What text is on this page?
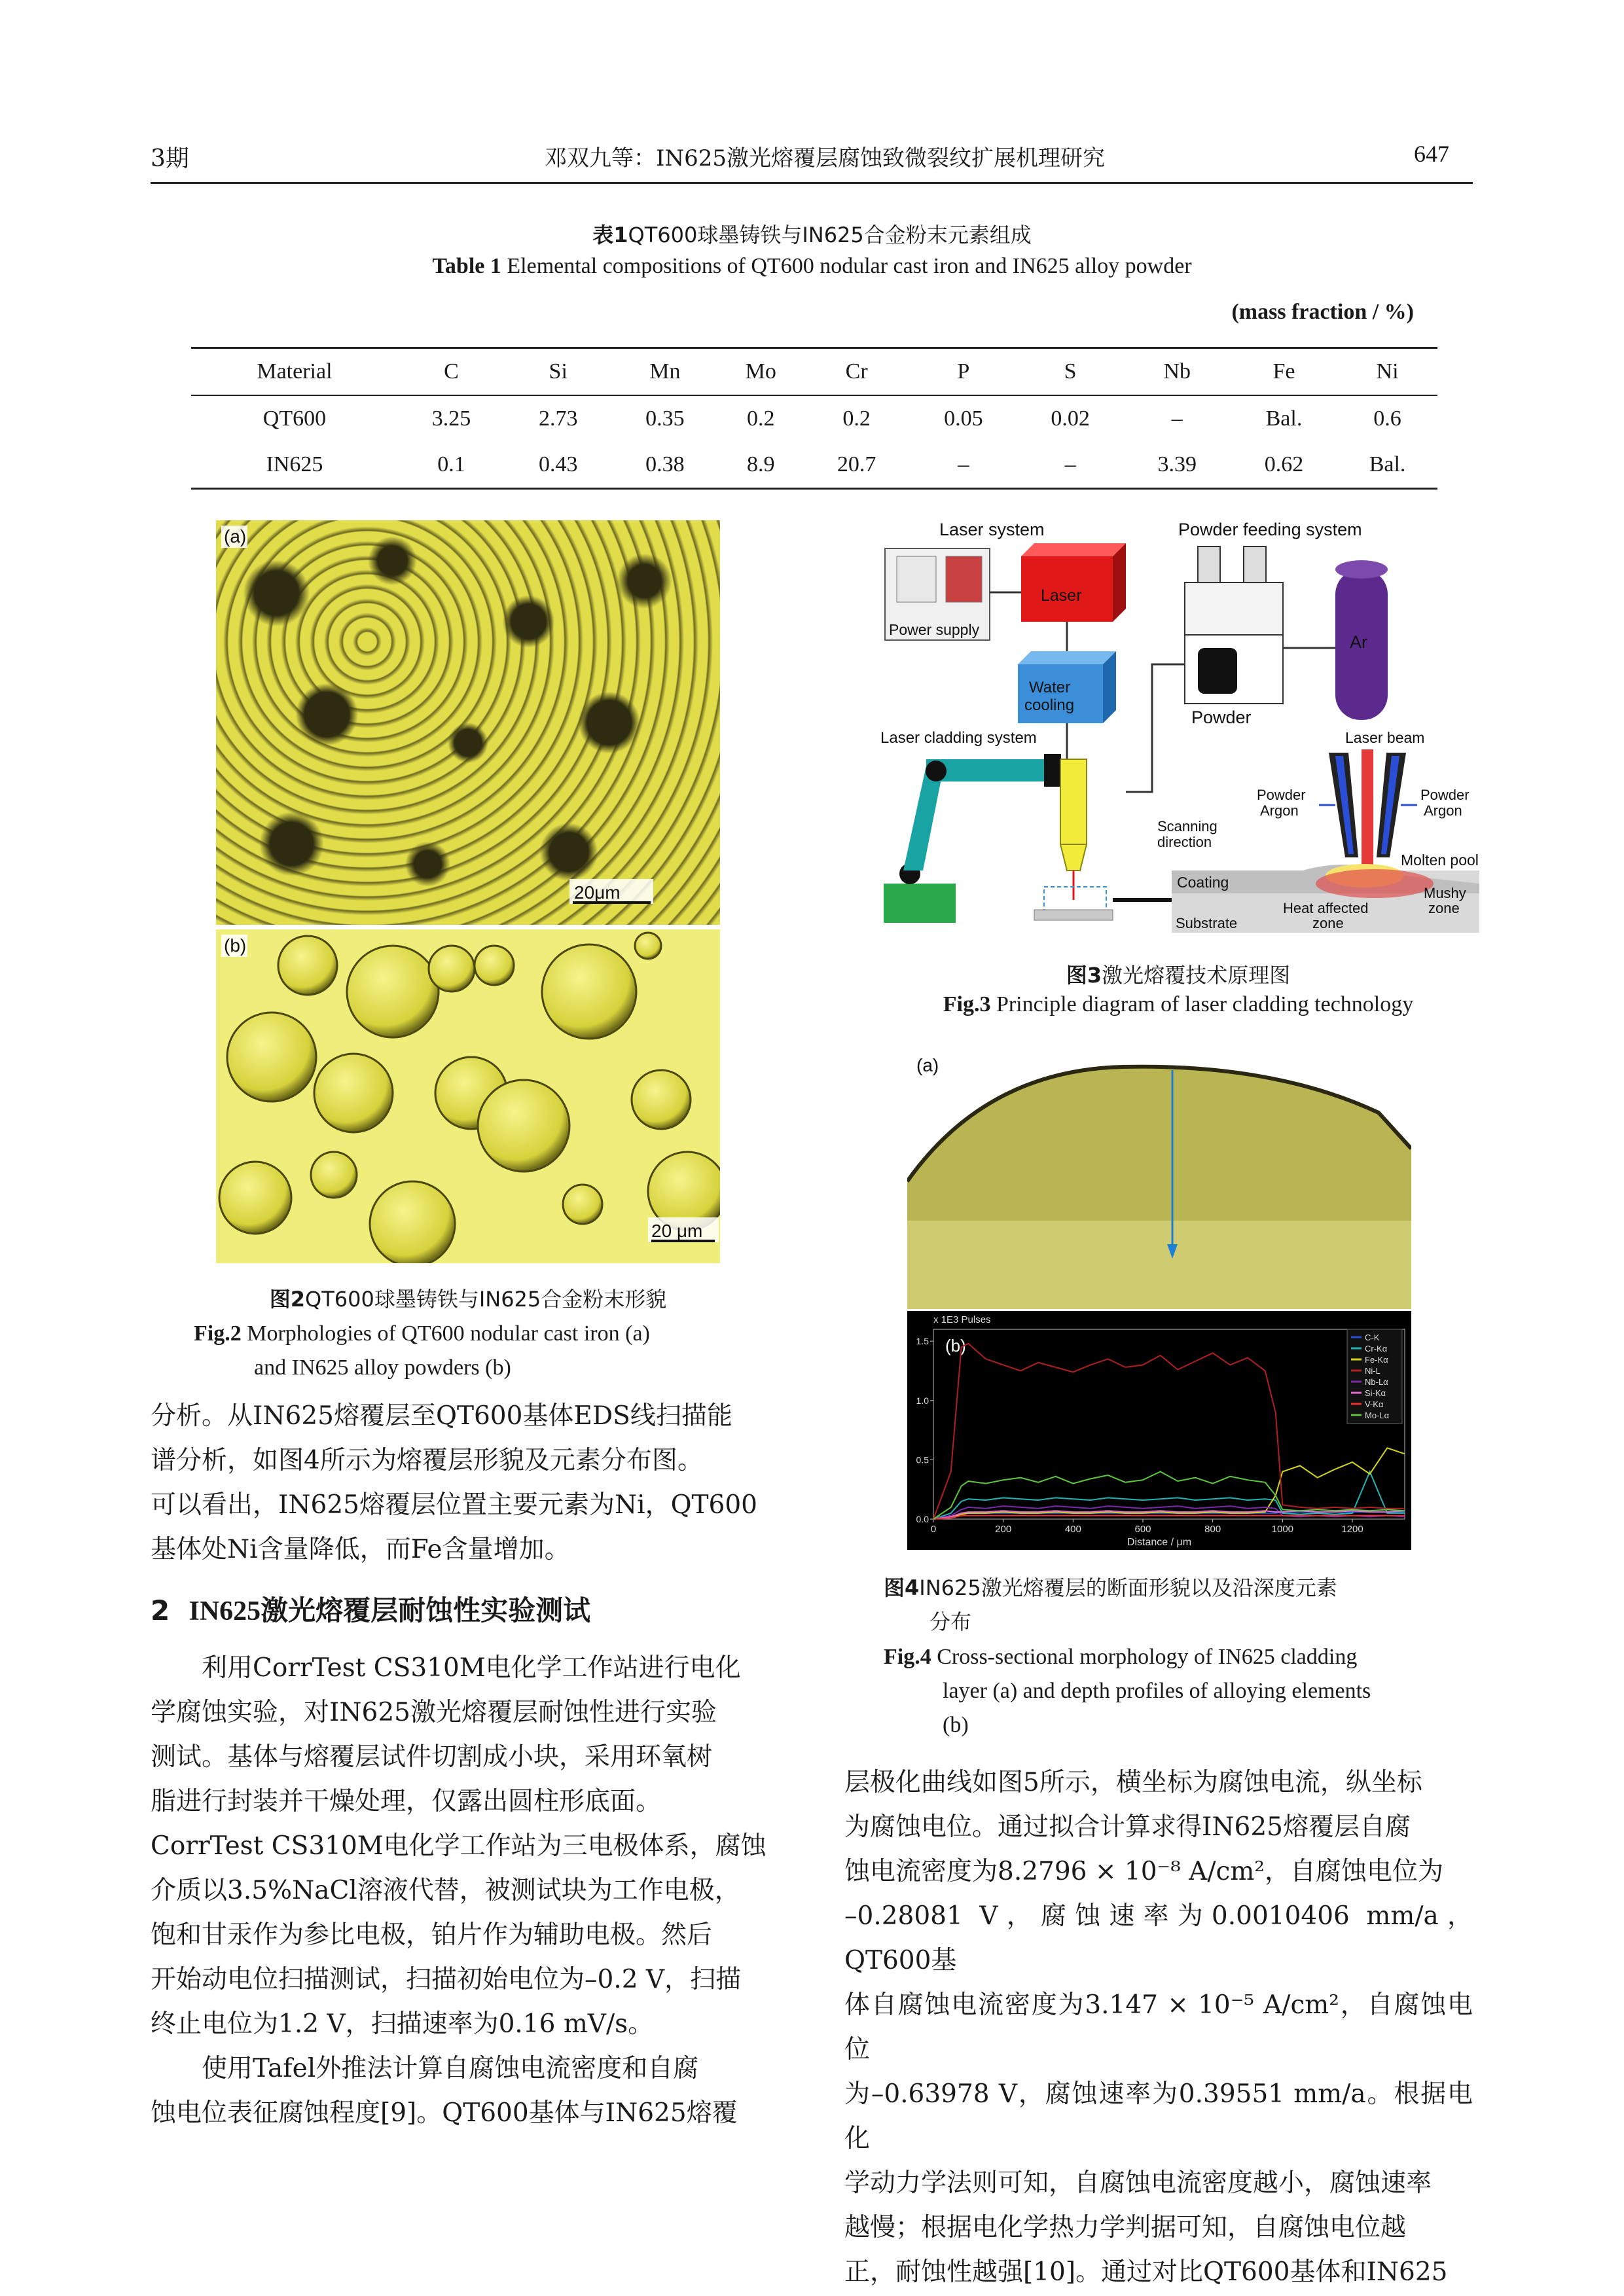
3期	邓双九等：IN625激光熔覆层腐蚀致微裂纹扩展机理研究	647
表1QT600球墨铸铁与IN625合金粉末元素组成
Table 1 Elemental compositions of QT600 nodular cast iron and IN625 alloy powder
(mass fraction / %)
Material	C	Si	Mn	Mo	Cr	P	S	Nb	Fe	Ni
QT600	3.25	2.73	0.35	0.2	0.2	0.05	0.02	–	Bal.	0.6
IN625	0.1	0.43	0.38	8.9	20.7	–	–	3.39	0.62	Bal.
(a)
20μm
(b)
20 μm
图2QT600球墨铸铁与IN625合金粉末形貌
Fig.2 Morphologies of QT600 nodular cast iron (a)
and IN625 alloy powders (b)
Laser system	Powder feeding system
Power supply
Laser
Water
cooling
Powder
Ar
Laser cladding system	Laser beam
Powder
Argon
Powder
Argon
Scanning
direction
Molten pool
Coating
Mushy
zone
Heat affected
zone
Substrate
图3激光熔覆技术原理图
Fig.3 Principle diagram of laser cladding technology
(a)
x 1E3 Pulses
Distance / μm
(b)
0	200	400	600	800	1000	1200
0.0
0.5
1.0
1.5	C-K
Cr-Kα
Fe-Kα
Ni-L
Nb-Lα
Si-Kα
V-Kα
Mo-Lα
图4IN625激光熔覆层的断面形貌以及沿深度元素
分布
Fig.4 Cross-sectional morphology of IN625 cladding
layer (a) and depth profiles of alloying elements
(b)

分析。从IN625熔覆层至QT600基体EDS线扫描能

谱分析，如图4所示为熔覆层形貌及元素分布图。

可以看出，IN625熔覆层位置主要元素为Ni，QT600

基体处Ni含量降低，而Fe含量增加。

2 IN625激光熔覆层耐蚀性实验测试

　　利用CorrTest CS310M电化学工作站进行电化

学腐蚀实验，对IN625激光熔覆层耐蚀性进行实验

测试。基体与熔覆层试件切割成小块，采用环氧树

脂进行封装并干燥处理，仅露出圆柱形底面。

CorrTest CS310M电化学工作站为三电极体系，腐蚀

介质以3.5%NaCl溶液代替，被测试块为工作电极，

饱和甘汞作为参比电极，铂片作为辅助电极。然后

开始动电位扫描测试，扫描初始电位为–0.2 V，扫描

终止电位为1.2 V，扫描速率为0.16 mV/s。

　　使用Tafel外推法计算自腐蚀电流密度和自腐

蚀电位表征腐蚀程度[9]。QT600基体与IN625熔覆

层极化曲线如图5所示，横坐标为腐蚀电流，纵坐标

为腐蚀电位。通过拟合计算求得IN625熔覆层自腐

蚀电流密度为8.2796 × 10⁻⁸ A/cm²，自腐蚀电位为

–0.28081 V，腐蚀速率为0.0010406 mm/a，QT600基

体自腐蚀电流密度为3.147 × 10⁻⁵ A/cm²，自腐蚀电位

为–0.63978 V，腐蚀速率为0.39551 mm/a。根据电化

学动力学法则可知，自腐蚀电流密度越小，腐蚀速率

越慢；根据电化学热力学判据可知，自腐蚀电位越

正，耐蚀性越强[10]。通过对比QT600基体和IN625
